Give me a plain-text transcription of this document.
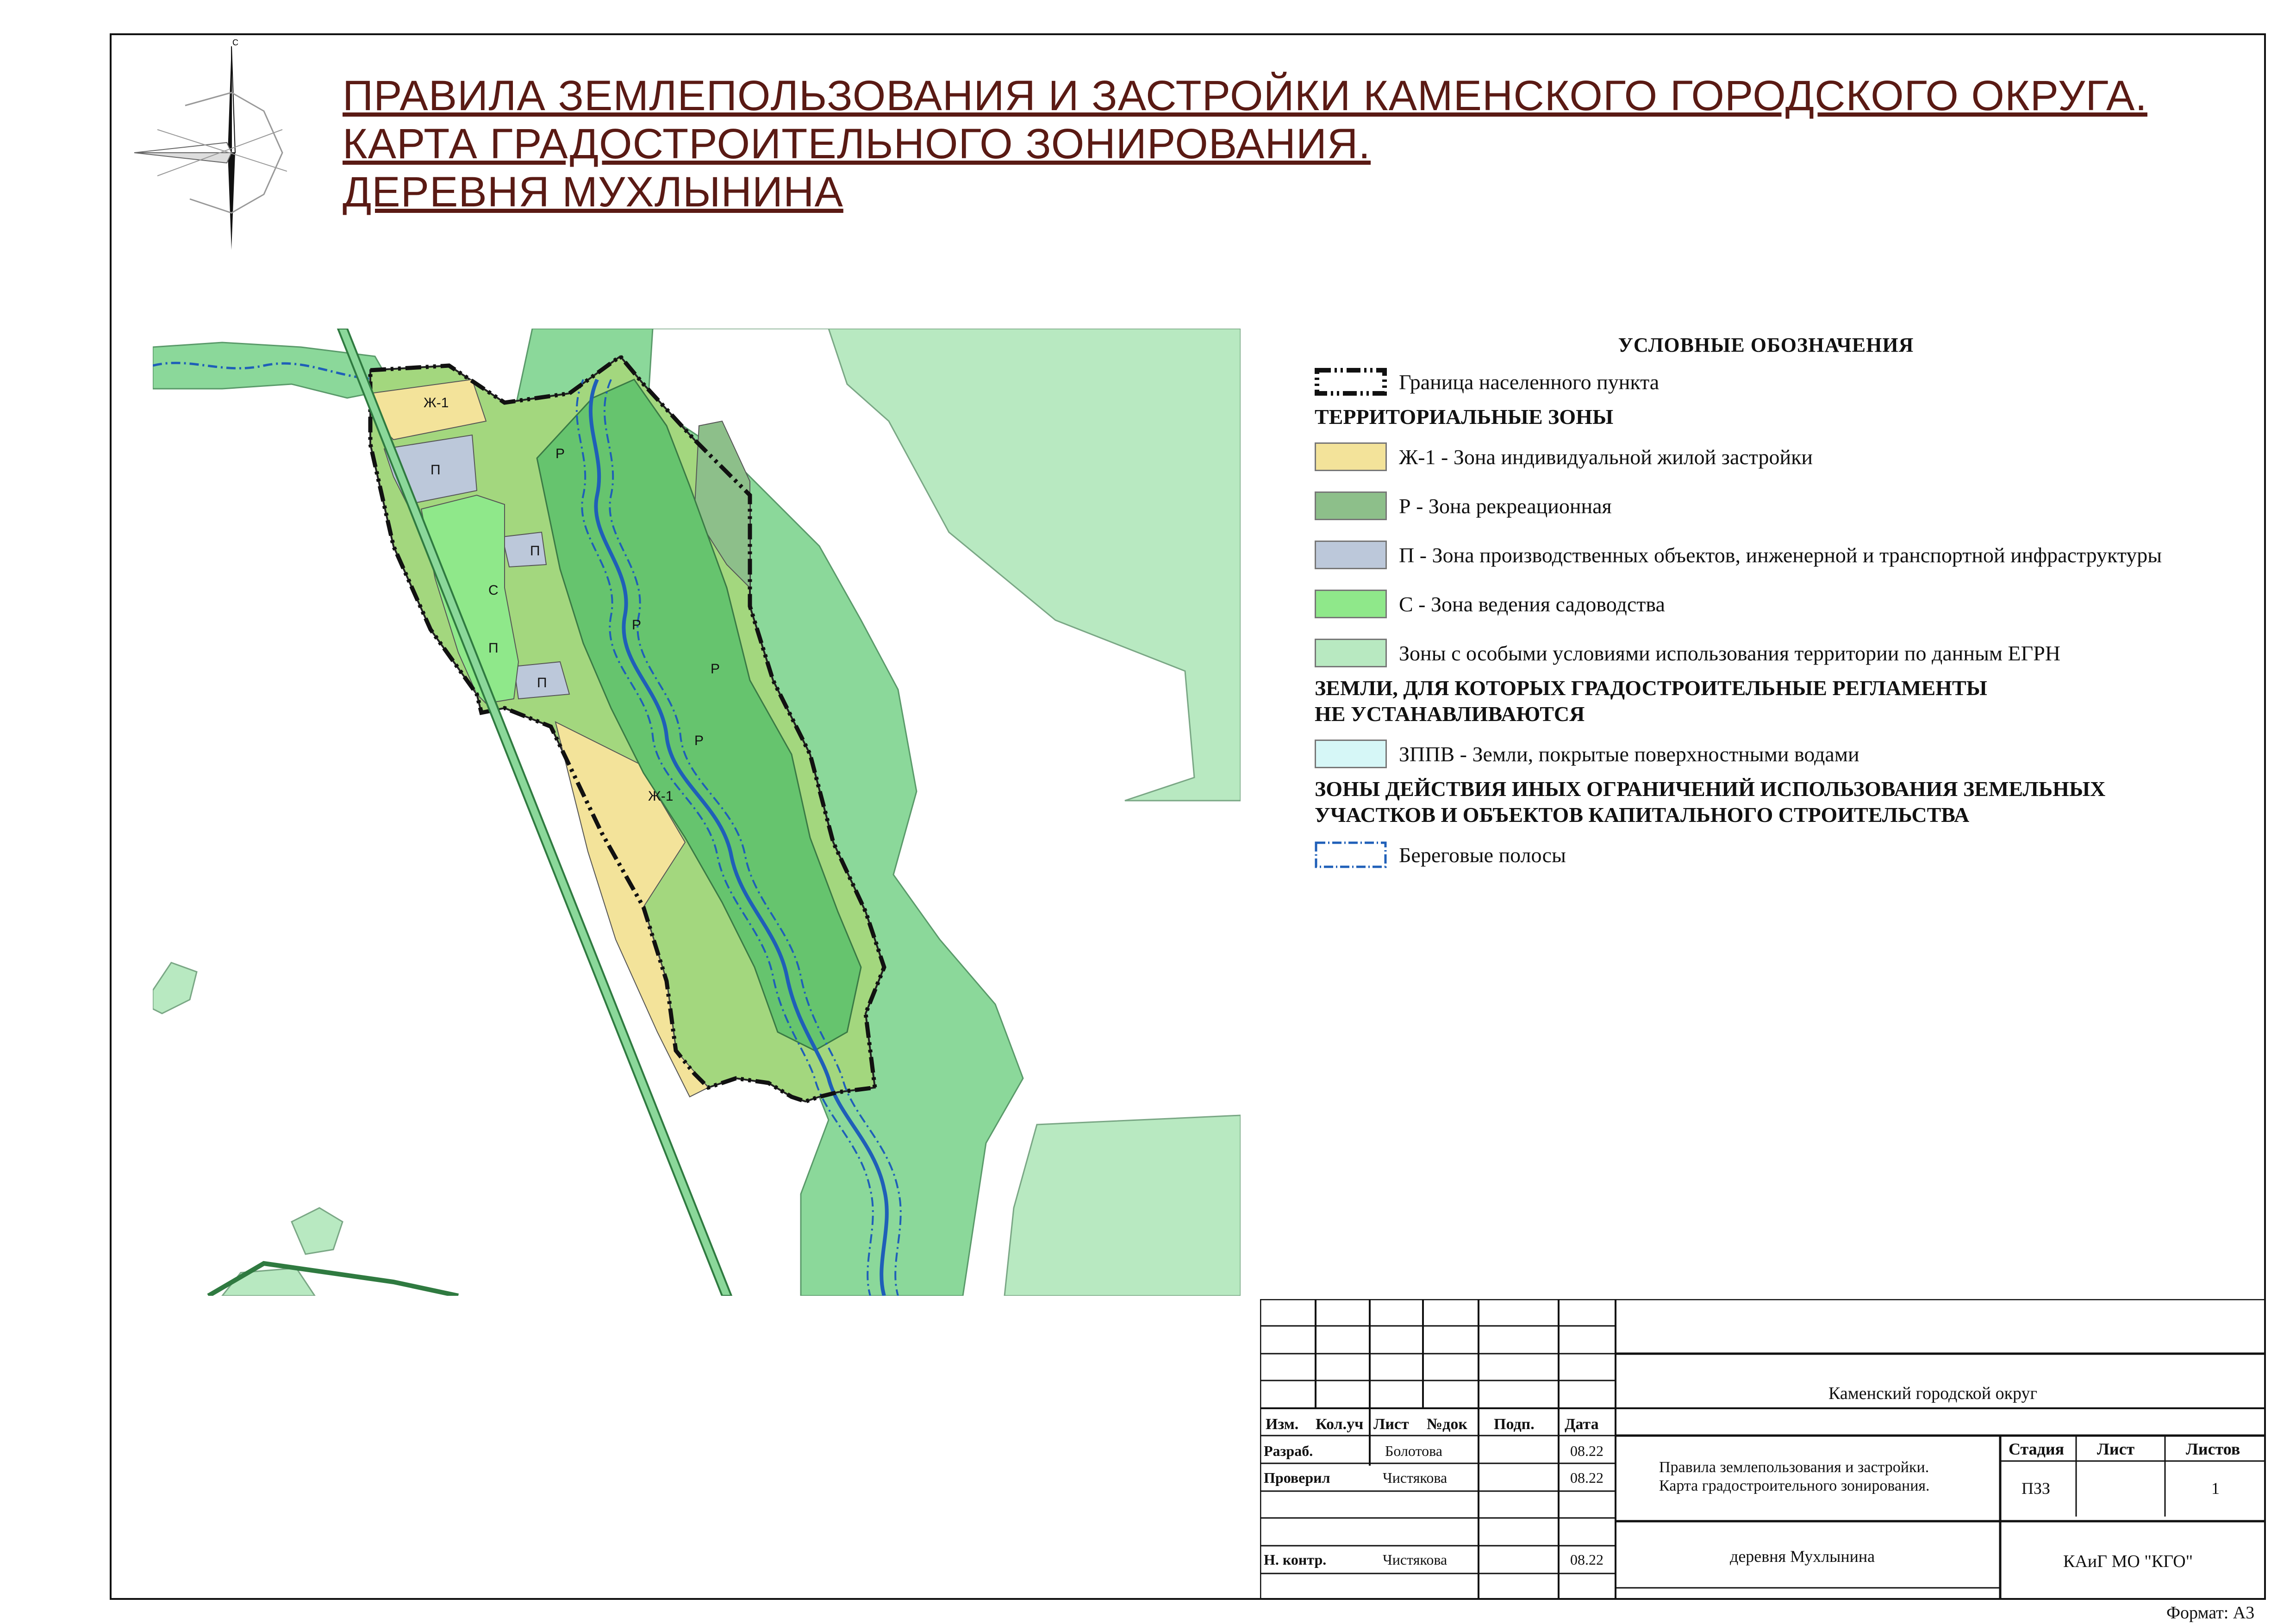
ПРАВИЛА ЗЕМЛЕПОЛЬЗОВАНИЯ И ЗАСТРОЙКИ КАМЕНСКОГО ГОРОДСКОГО ОКРУГА.
КАРТА ГРАДОСТРОИТЕЛЬНОГО ЗОНИРОВАНИЯ.
ДЕРЕВНЯ МУХЛЫНИНА
С
Ж-1
П
П
С
П
П
Р
Р
Р
Р
Ж-1
УСЛОВНЫЕ ОБОЗНАЧЕНИЯ
Граница населенного пункта
ТЕРРИТОРИАЛЬНЫЕ ЗОНЫ
Ж-1 - Зона индивидуальной жилой застройки
Р - Зона рекреационная
П - Зона производственных объектов, инженерной и транспортной инфраструктуры
С - Зона ведения садоводства
Зоны с особыми условиями использования территории по данным ЕГРН
ЗЕМЛИ, ДЛЯ КОТОРЫХ ГРАДОСТРОИТЕЛЬНЫЕ РЕГЛАМЕНТЫ
НЕ УСТАНАВЛИВАЮТСЯ
ЗППВ - Земли, покрытые поверхностными водами
ЗОНЫ ДЕЙСТВИЯ ИНЫХ ОГРАНИЧЕНИЙ ИСПОЛЬЗОВАНИЯ ЗЕМЕЛЬНЫХ
УЧАСТКОВ И ОБЪЕКТОВ КАПИТАЛЬНОГО СТРОИТЕЛЬСТВА
Береговые полосы
Изм. Кол.уч Лист №док Подп. Дата
Разраб.	Болотова	08.22
Проверил	Чистякова	08.22
Н. контр.	Чистякова	08.22
Каменский городской округ
Правила землепользования и застройки.
Карта градостроительного зонирования.
Стадия Лист	Листов
ПЗЗ	1
деревня Мухлынина	КАиГ МО "КГО"
Формат: А3
